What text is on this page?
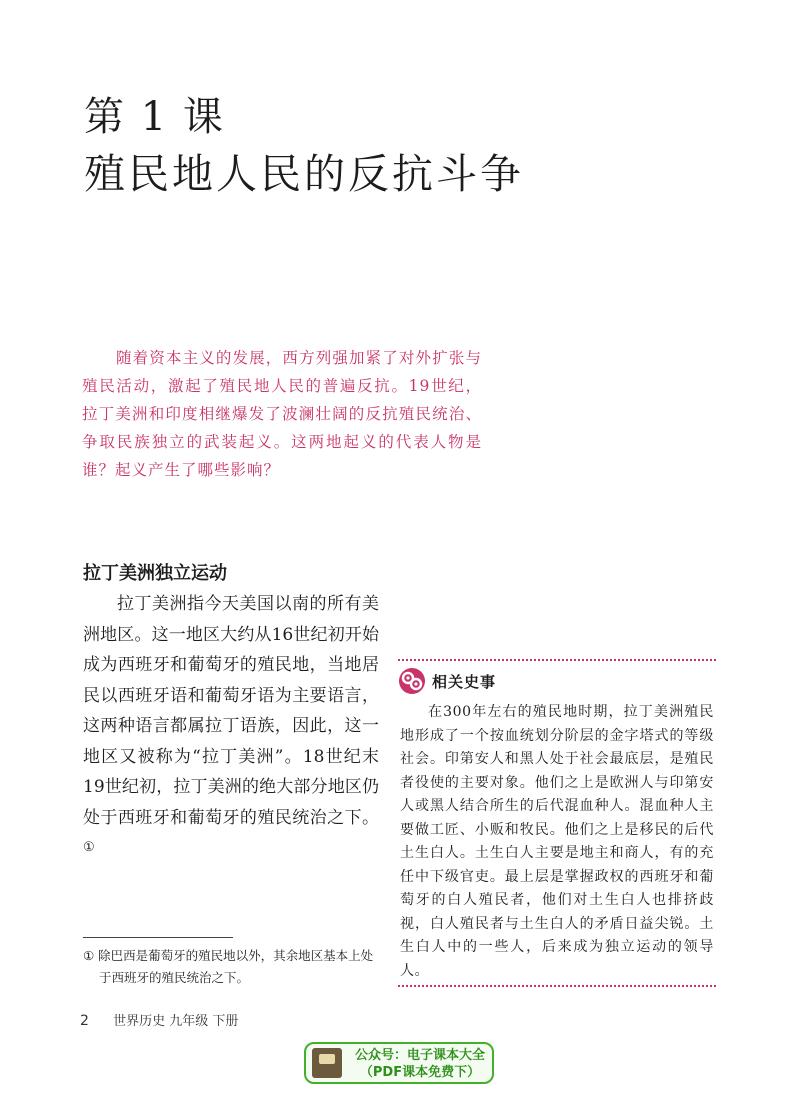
第 1 课
殖民地人民的反抗斗争

随着资本主义的发展，西方列强加紧了对外扩张与殖民活动，激起了殖民地人民的普遍反抗。19世纪，拉丁美洲和印度相继爆发了波澜壮阔的反抗殖民统治、争取民族独立的武装起义。这两地起义的代表人物是谁？起义产生了哪些影响？

拉丁美洲独立运动

拉丁美洲指今天美国以南的所有美洲地区。这一地区大约从16世纪初开始成为西班牙和葡萄牙的殖民地，当地居民以西班牙语和葡萄牙语为主要语言，这两种语言都属拉丁语族，因此，这一地区又被称为“拉丁美洲”。18世纪末19世纪初，拉丁美洲的绝大部分地区仍处于西班牙和葡萄牙的殖民统治之下。①

① 除巴西是葡萄牙的殖民地以外，其余地区基本上处于西班牙的殖民统治之下。

相关史事

在300年左右的殖民地时期，拉丁美洲殖民地形成了一个按血统划分阶层的金字塔式的等级社会。印第安人和黑人处于社会最底层，是殖民者役使的主要对象。他们之上是欧洲人与印第安人或黑人结合所生的后代混血种人。混血种人主要做工匠、小贩和牧民。他们之上是移民的后代土生白人。土生白人主要是地主和商人，有的充任中下级官吏。最上层是掌握政权的西班牙和葡萄牙的白人殖民者，他们对土生白人也排挤歧视，白人殖民者与土生白人的矛盾日益尖锐。土生白人中的一些人，后来成为独立运动的领导人。

2 世界历史 九年级 下册
公众号：电子课本大全
（PDF课本免费下）
